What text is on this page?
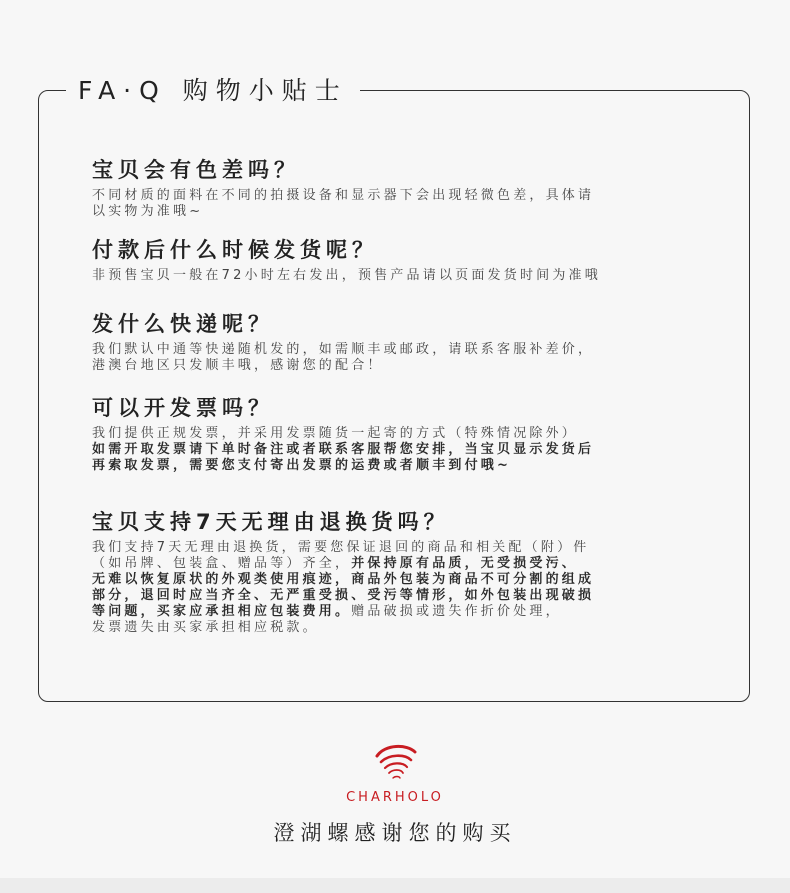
FA·Q 购物小贴士

宝贝会有色差吗？

不同材质的面料在不同的拍摄设备和显示器下会出现轻微色差，具体请

以实物为准哦~

付款后什么时候发货呢？

非预售宝贝一般在72小时左右发出，预售产品请以页面发货时间为准哦

发什么快递呢？

我们默认中通等快递随机发的，如需顺丰或邮政，请联系客服补差价，

港澳台地区只发顺丰哦，感谢您的配合！

可以开发票吗？

我们提供正规发票，并采用发票随货一起寄的方式（特殊情况除外）

如需开取发票请下单时备注或者联系客服帮您安排，当宝贝显示发货后

再索取发票，需要您支付寄出发票的运费或者顺丰到付哦~

宝贝支持7天无理由退换货吗？

我们支持7天无理由退换货，需要您保证退回的商品和相关配（附）件

（如吊牌、包装盒、赠品等）齐全，并保持原有品质，无受损受污、

无难以恢复原状的外观类使用痕迹，商品外包装为商品不可分割的组成

部分，退回时应当齐全、无严重受损、受污等情形，如外包装出现破损

等问题，买家应承担相应包装费用。赠品破损或遗失作折价处理，

发票遗失由买家承担相应税款。

CHARHOLO
澄湖螺感谢您的购买
